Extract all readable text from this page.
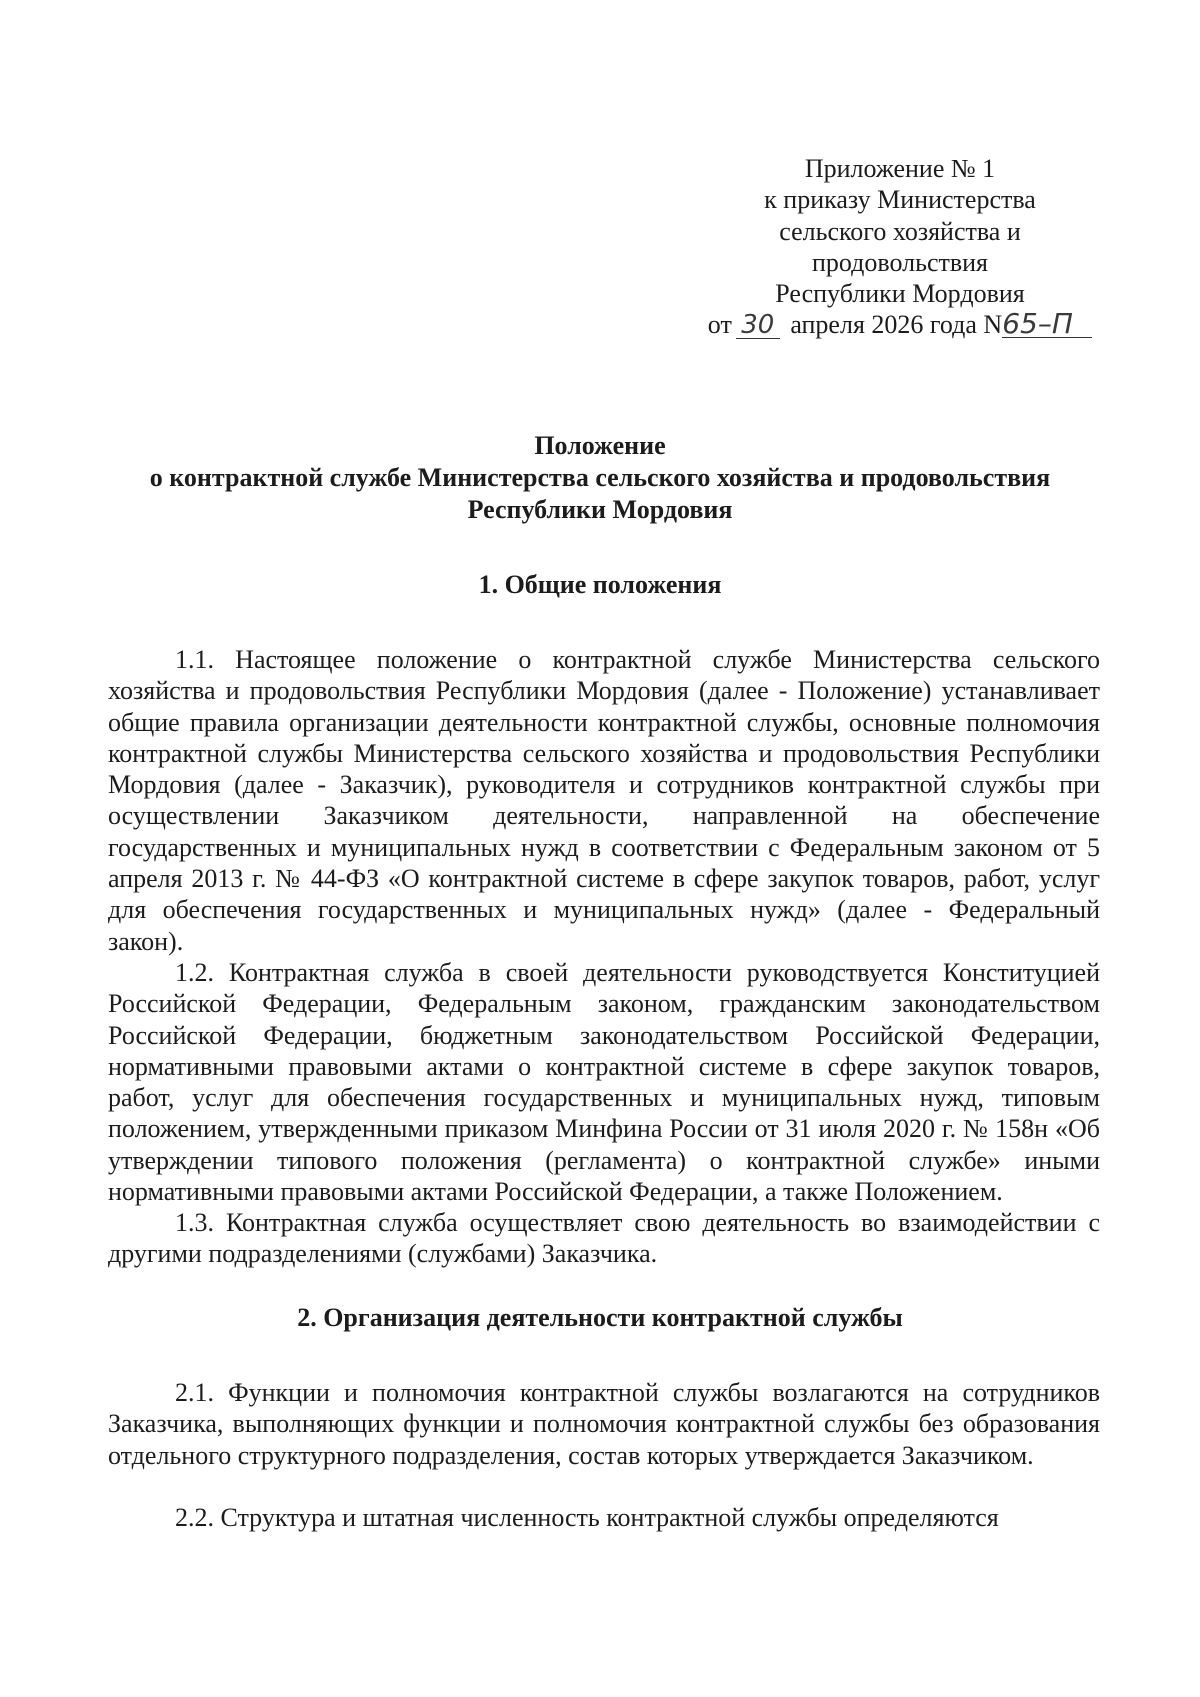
Приложение № 1
к приказу Министерства
сельского хозяйства и
продовольствия
Республики Мордовия
от 30 апреля 2026 года N65–П
Положение
о контрактной службе Министерства сельского хозяйства и продовольствия
Республики Мордовия
1. Общие положения

1.1. Настоящее положение о контрактной службе Министерства сельского хозяйства и продовольствия Республики Мордовия (далее - Положение) устанавливает общие правила организации деятельности контрактной службы, основные полномочия контрактной службы Министерства сельского хозяйства и продовольствия Республики Мордовия (далее - Заказчик), руководителя и сотрудников контрактной службы при осуществлении Заказчиком деятельности, направленной на обеспечение государственных и муниципальных нужд в соответствии с Федеральным законом от 5 апреля 2013 г. № 44-ФЗ «О контрактной системе в сфере закупок товаров, работ, услуг для обеспечения государственных и муниципальных нужд» (далее - Федеральный закон).

1.2. Контрактная служба в своей деятельности руководствуется Конституцией Российской Федерации, Федеральным законом, гражданским законодательством Российской Федерации, бюджетным законодательством Российской Федерации, нормативными правовыми актами о контрактной системе в сфере закупок товаров, работ, услуг для обеспечения государственных и муниципальных нужд, типовым положением, утвержденными приказом Минфина России от 31 июля 2020 г. № 158н «Об утверждении типового положения (регламента) о контрактной службе» иными нормативными правовыми актами Российской Федерации, а также Положением.

1.3. Контрактная служба осуществляет свою деятельность во взаимодействии с другими подразделениями (службами) Заказчика.

2. Организация деятельности контрактной службы

2.1. Функции и полномочия контрактной службы возлагаются на сотрудников Заказчика, выполняющих функции и полномочия контрактной службы без образования отдельного структурного подразделения, состав которых утверждается Заказчиком.

2.2. Структура и штатная численность контрактной службы определяются
